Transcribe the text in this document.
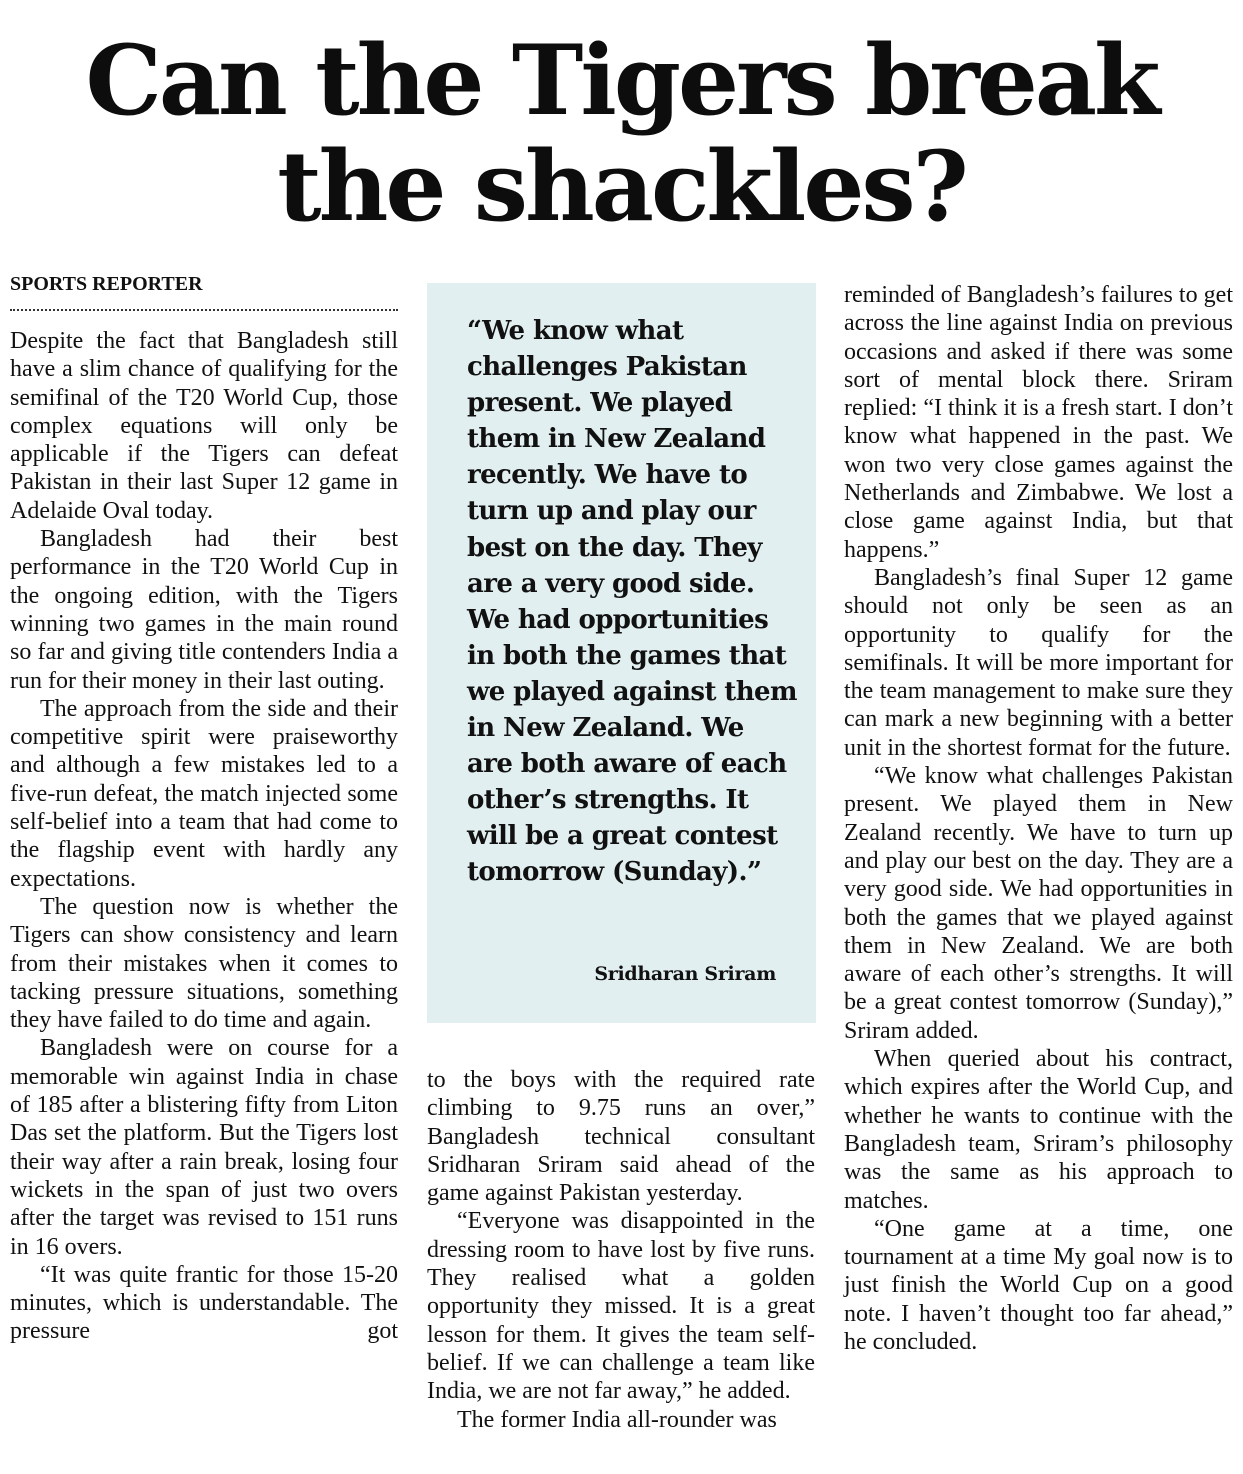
Can the Tigers break
the shackles?
SPORTS REPORTER

Despite the fact that Bangladesh still have a slim chance of qualifying for the semifinal of the T20 World Cup, those complex equations will only be applicable if the Tigers can defeat Pakistan in their last Super 12 game in Adelaide Oval today.

Bangladesh had their best performance in the T20 World Cup in the ongoing edition, with the Tigers winning two games in the main round so far and giving title contenders India a run for their money in their last outing.

The approach from the side and their competitive spirit were praiseworthy and although a few mistakes led to a five-run defeat, the match injected some self-belief into a team that had come to the flagship event with hardly any expectations.

The question now is whether the Tigers can show consistency and learn from their mistakes when it comes to tacking pressure situations, something they have failed to do time and again.

Bangladesh were on course for a memorable win against India in chase of 185 after a blistering fifty from Liton Das set the platform. But the Tigers lost their way after a rain break, losing four wickets in the span of just two overs after the target was revised to 151 runs in 16 overs.

“It was quite frantic for those 15-20 minutes, which is understandable. The pressure got

“We know what challenges Pakistan present. We played them in New Zealand recently. We have to turn up and play our best on the day. They are a very good side. We had opportunities in both the games that we played against them in New Zealand. We are both aware of each other’s strengths. It will be a great contest tomorrow (Sunday).”
Sridharan Sriram

to the boys with the required rate climbing to 9.75 runs an over,” Bangladesh technical consultant Sridharan Sriram said ahead of the game against Pakistan yesterday.

“Everyone was disappointed in the dressing room to have lost by five runs. They realised what a golden opportunity they missed. It is a great lesson for them. It gives the team self-belief. If we can challenge a team like India, we are not far away,” he added.

The former India all-rounder was

reminded of Bangladesh’s failures to get across the line against India on previous occasions and asked if there was some sort of mental block there. Sriram replied: “I think it is a fresh start. I don’t know what happened in the past. We won two very close games against the Netherlands and Zimbabwe. We lost a close game against India, but that happens.”

Bangladesh’s final Super 12 game should not only be seen as an opportunity to qualify for the semifinals. It will be more important for the team management to make sure they can mark a new beginning with a better unit in the shortest format for the future.

“We know what challenges Pakistan present. We played them in New Zealand recently. We have to turn up and play our best on the day. They are a very good side. We had opportunities in both the games that we played against them in New Zealand. We are both aware of each other’s strengths. It will be a great contest tomorrow (Sunday),” Sriram added.

When queried about his contract, which expires after the World Cup, and whether he wants to continue with the Bangladesh team, Sriram’s philosophy was the same as his approach to matches.

“One game at a time, one tournament at a time My goal now is to just finish the World Cup on a good note. I haven’t thought too far ahead,” he concluded.
